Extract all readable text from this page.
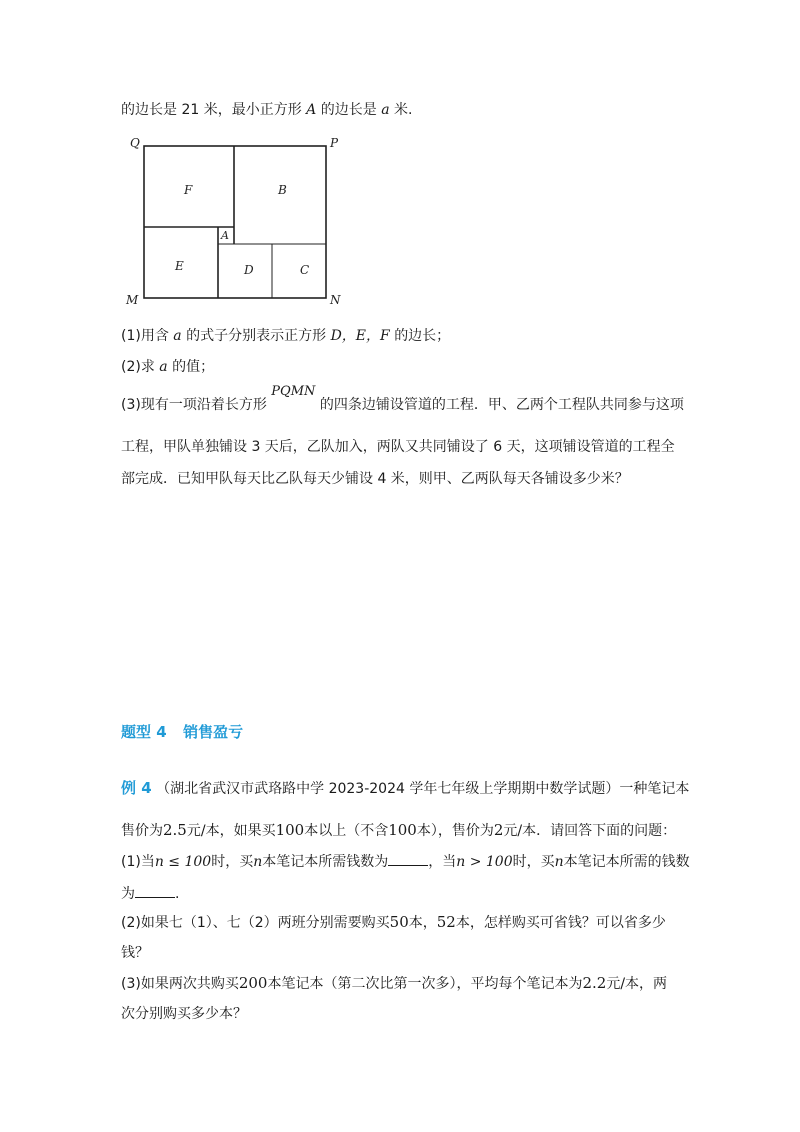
的边长是 21 米，最小正方形 A 的边长是 a 米.
Q	P
M	N
F	B
A
E	D	C
(1)用含 a 的式子分别表示正方形 D，E，F 的边长；
(2)求 a 的值；
(3)现有一项沿着长方形 PQMN 的四条边铺设管道的工程．甲、乙两个工程队共同参与这项
工程，甲队单独铺设 3 天后，乙队加入，两队又共同铺设了 6 天，这项铺设管道的工程全
部完成．已知甲队每天比乙队每天少铺设 4 米，则甲、乙两队每天各铺设多少米？
题型 4 销售盈亏
例 4 （湖北省武汉市武珞路中学 2023-2024 学年七年级上学期期中数学试题）一种笔记本
售价为2.5元/本，如果买100本以上（不含100本），售价为2元/本．请回答下面的问题：
(1)当n ≤ 100时，买n本笔记本所需钱数为	，当n > 100时，买n本笔记本所需的钱数
为	.
(2)如果七（1）、七（2）两班分别需要购买50本，52本，怎样购买可省钱？可以省多少
钱？
(3)如果两次共购买200本笔记本（第二次比第一次多），平均每个笔记本为2.2元/本，两
次分别购买多少本？
